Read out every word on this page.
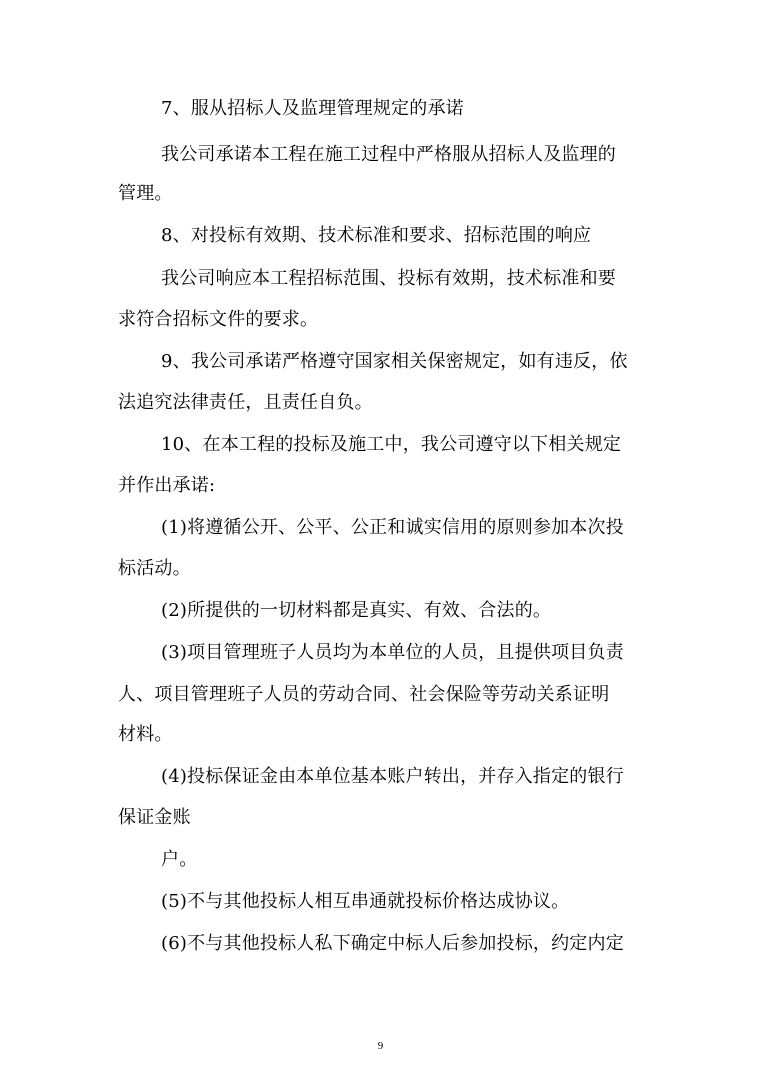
7、服从招标人及监理管理规定的承诺
我公司承诺本工程在施工过程中严格服从招标人及监理的
管理。
8、对投标有效期、技术标准和要求、招标范围的响应
我公司响应本工程招标范围、投标有效期，技术标准和要
求符合招标文件的要求。
9、我公司承诺严格遵守国家相关保密规定，如有违反，依
法追究法律责任，且责任自负。
10、在本工程的投标及施工中，我公司遵守以下相关规定
并作出承诺:
(1)将遵循公开、公平、公正和诚实信用的原则参加本次投
标活动。
(2)所提供的一切材料都是真实、有效、合法的。
(3)项目管理班子人员均为本单位的人员，且提供项目负责
人、项目管理班子人员的劳动合同、社会保险等劳动关系证明
材料。
(4)投标保证金由本单位基本账户转出，并存入指定的银行
保证金账
户。
(5)不与其他投标人相互串通就投标价格达成协议。
(6)不与其他投标人私下确定中标人后参加投标，约定内定
9
